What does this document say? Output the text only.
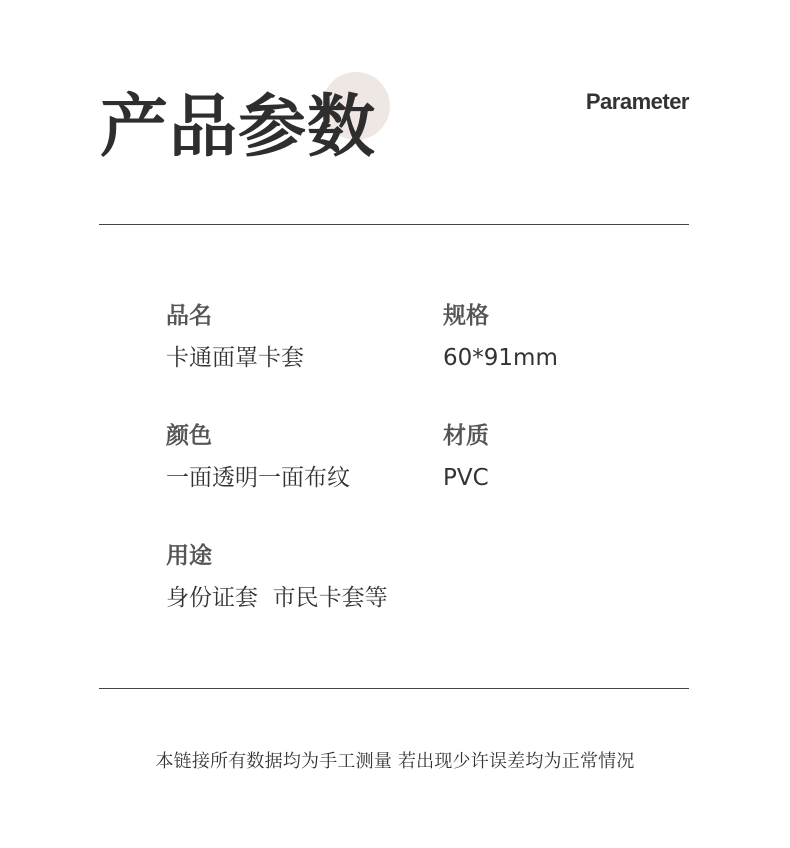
产品参数	Parameter
品名
卡通面罩卡套
规格
60*91mm
颜色
一面透明一面布纹
材质
PVC
用途
身份证套  市民卡套等
本链接所有数据均为手工测量 若出现少许误差均为正常情况
